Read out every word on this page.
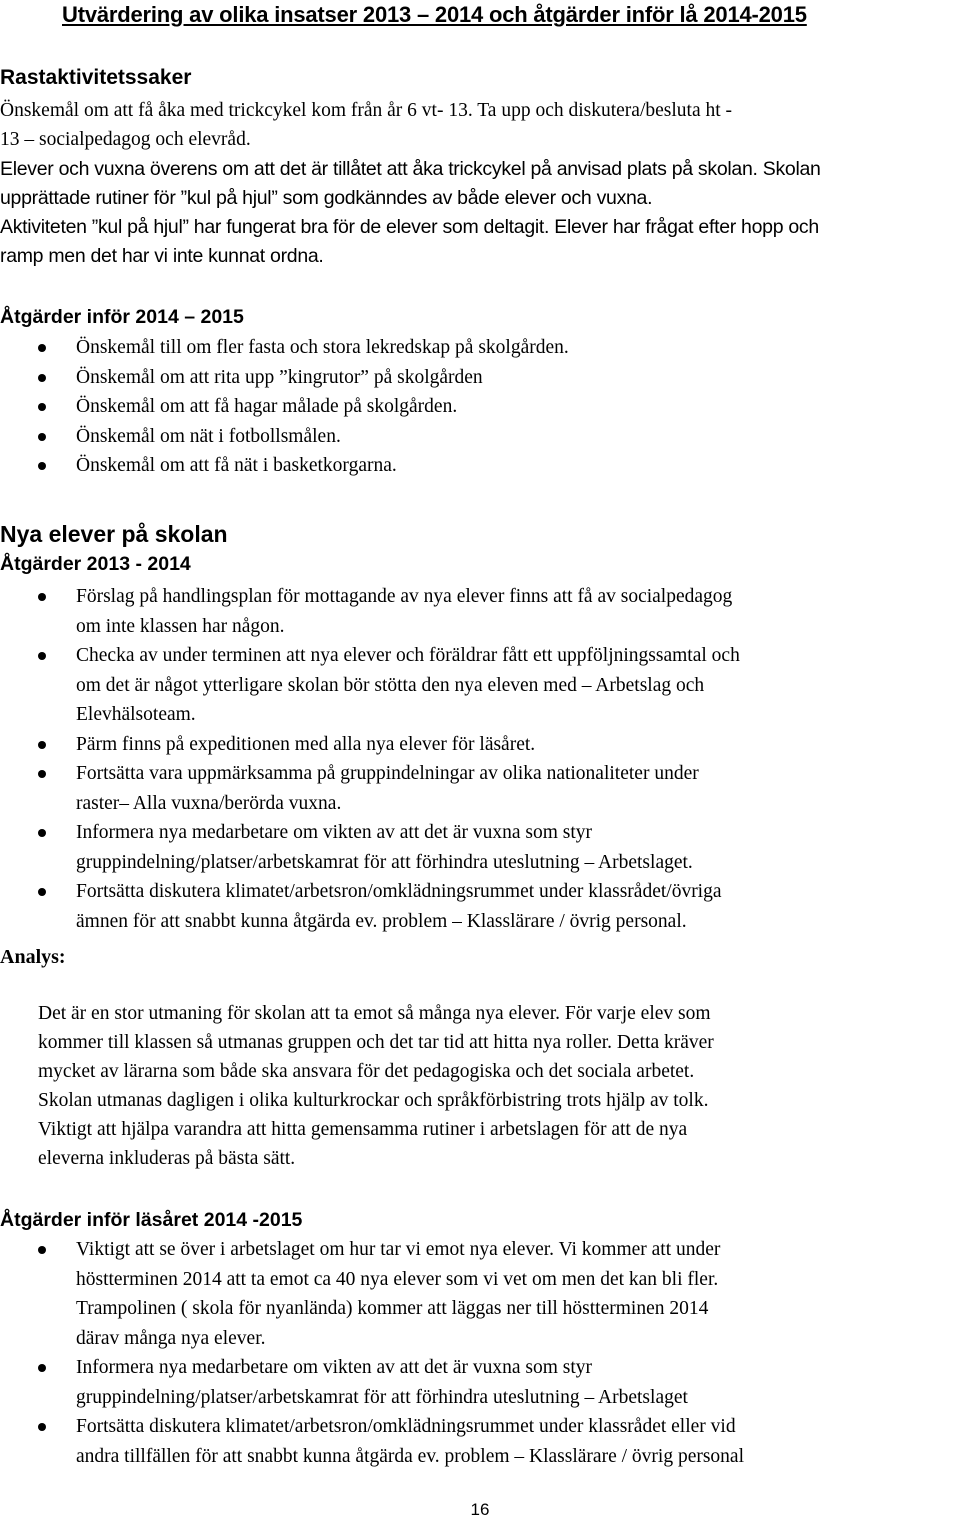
Utvärdering av olika insatser 2013 – 2014 och åtgärder inför lå 2014-2015
Rastaktivitetssaker
Önskemål om att få åka med trickcykel kom från år 6 vt- 13. Ta upp och diskutera/besluta ht -
13 – socialpedagog och elevråd.
Elever och vuxna överens om att det är tillåtet att åka trickcykel på anvisad plats på skolan. Skolan
upprättade rutiner för ”kul på hjul” som godkänndes av både elever och vuxna.
Aktiviteten ”kul på hjul” har fungerat bra för de elever som deltagit. Elever har frågat efter hopp och
ramp men det har vi inte kunnat ordna.
Åtgärder inför 2014 – 2015
Önskemål till om fler fasta och stora lekredskap på skolgården.
Önskemål om att rita upp ”kingrutor” på skolgården
Önskemål om att få hagar målade på skolgården.
Önskemål om nät i fotbollsmålen.
Önskemål om att få nät i basketkorgarna.
Nya elever på skolan
Åtgärder 2013 - 2014
Förslag på handlingsplan för mottagande av nya elever finns att få av socialpedagog
om inte klassen har någon.
Checka av under terminen att nya elever och föräldrar fått ett uppföljningssamtal och
om det är något ytterligare skolan bör stötta den nya eleven med – Arbetslag och
Elevhälsoteam.
Pärm finns på expeditionen med alla nya elever för läsåret.
Fortsätta vara uppmärksamma på gruppindelningar av olika nationaliteter under
raster– Alla vuxna/berörda vuxna.
Informera nya medarbetare om vikten av att det är vuxna som styr
gruppindelning/platser/arbetskamrat för att förhindra uteslutning – Arbetslaget.
Fortsätta diskutera klimatet/arbetsron/omklädningsrummet under klassrådet/övriga
ämnen för att snabbt kunna åtgärda ev. problem – Klasslärare / övrig personal.
Analys:
Det är en stor utmaning för skolan att ta emot så många nya elever. För varje elev som
kommer till klassen så utmanas gruppen och det tar tid att hitta nya roller. Detta kräver
mycket av lärarna som både ska ansvara för det pedagogiska och det sociala arbetet.
Skolan utmanas dagligen i olika kulturkrockar och språkförbistring trots hjälp av tolk.
Viktigt att hjälpa varandra att hitta gemensamma rutiner i arbetslagen för att de nya
eleverna inkluderas på bästa sätt.
Åtgärder inför läsåret 2014 -2015
Viktigt att se över i arbetslaget om hur tar vi emot nya elever. Vi kommer att under
höstterminen 2014 att ta emot ca 40 nya elever som vi vet om men det kan bli fler.
Trampolinen ( skola för nyanlända) kommer att läggas ner till höstterminen 2014
därav många nya elever.
Informera nya medarbetare om vikten av att det är vuxna som styr
gruppindelning/platser/arbetskamrat för att förhindra uteslutning – Arbetslaget
Fortsätta diskutera klimatet/arbetsron/omklädningsrummet under klassrådet eller vid
andra tillfällen för att snabbt kunna åtgärda ev. problem – Klasslärare / övrig personal
16
